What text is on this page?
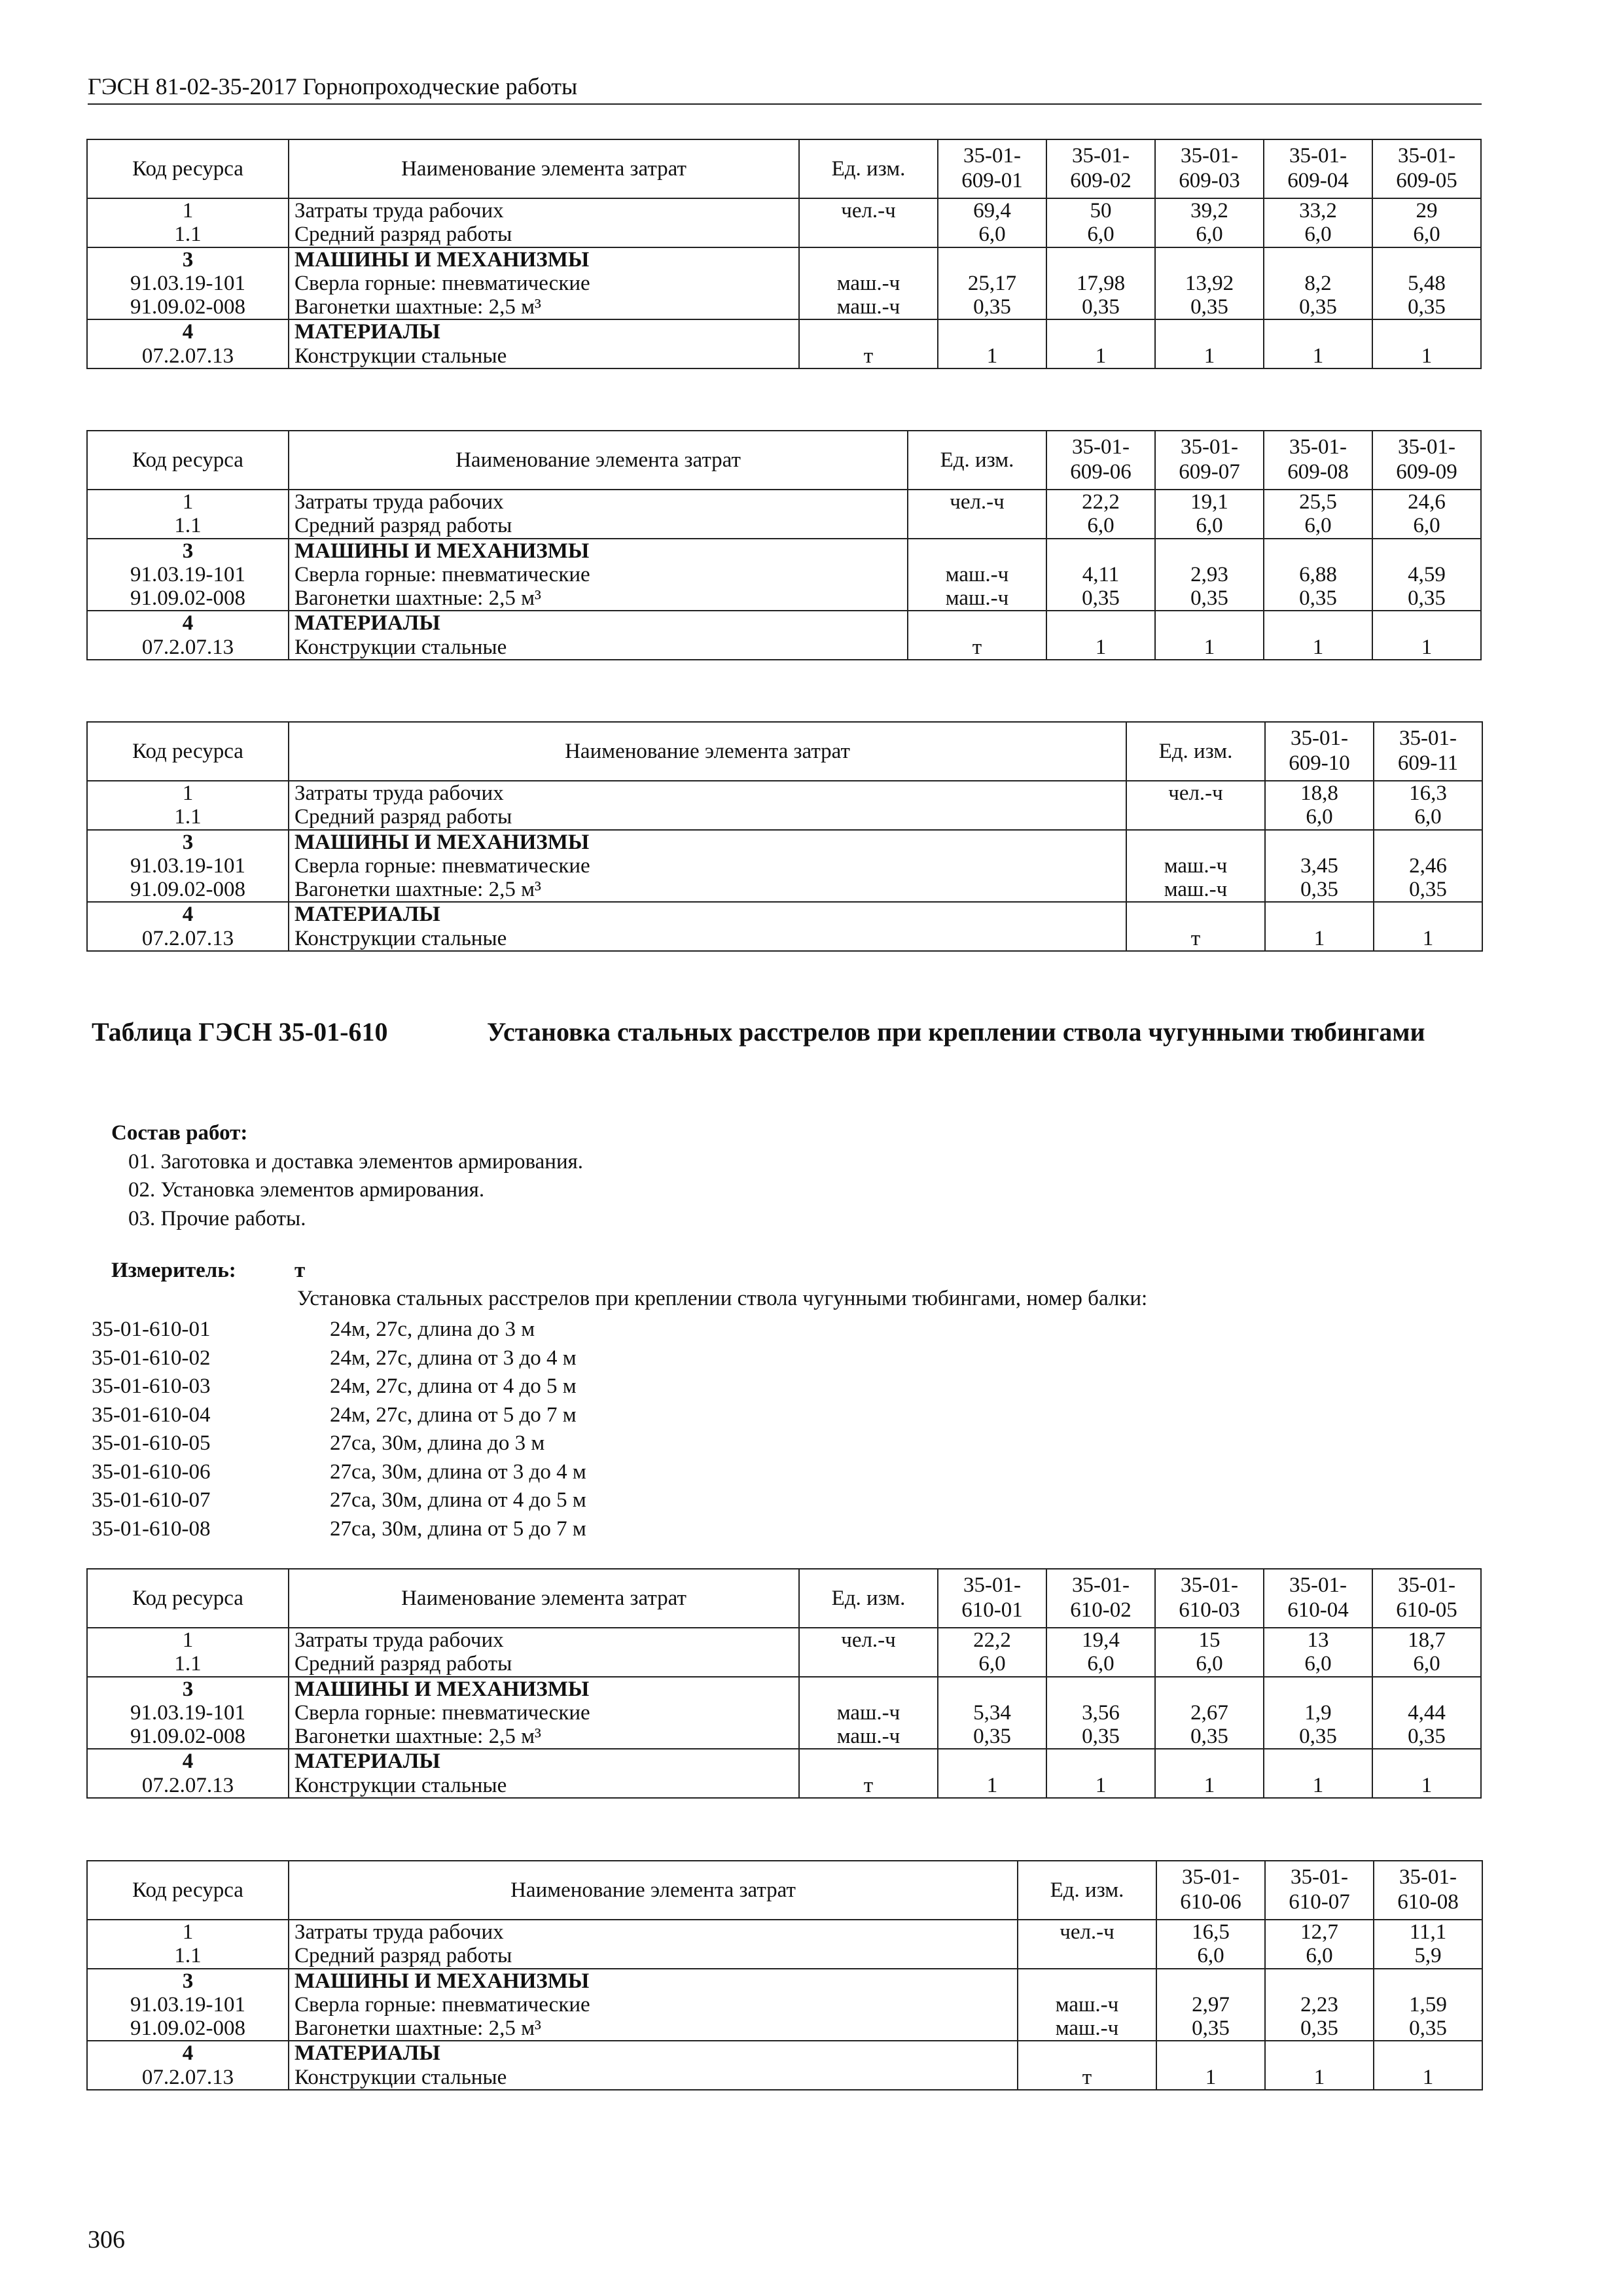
ГЭСН 81-02-35-2017 Горнопроходческие работы
Код ресурса	Наименование элемента затрат	Ед. изм.	35-01-609-01	35-01-609-02	35-01-609-03	35-01-609-04	35-01-609-05
1	Затраты труда рабочих	чел.-ч	69,4	50	39,2	33,2	29
1.1	Средний разряд работы		6,0	6,0	6,0	6,0	6,0
3	МАШИНЫ И МЕХАНИЗМЫ						
91.03.19-101	Сверла горные: пневматические	маш.-ч	25,17	17,98	13,92	8,2	5,48
91.09.02-008	Вагонетки шахтные: 2,5 м³	маш.-ч	0,35	0,35	0,35	0,35	0,35
4	МАТЕРИАЛЫ						
07.2.07.13	Конструкции стальные	т	1	1	1	1	1
Код ресурса	Наименование элемента затрат	Ед. изм.	35-01-609-06	35-01-609-07	35-01-609-08	35-01-609-09
1	Затраты труда рабочих	чел.-ч	22,2	19,1	25,5	24,6
1.1	Средний разряд работы		6,0	6,0	6,0	6,0
3	МАШИНЫ И МЕХАНИЗМЫ					
91.03.19-101	Сверла горные: пневматические	маш.-ч	4,11	2,93	6,88	4,59
91.09.02-008	Вагонетки шахтные: 2,5 м³	маш.-ч	0,35	0,35	0,35	0,35
4	МАТЕРИАЛЫ					
07.2.07.13	Конструкции стальные	т	1	1	1	1
Код ресурса	Наименование элемента затрат	Ед. изм.	35-01-609-10	35-01-609-11
1	Затраты труда рабочих	чел.-ч	18,8	16,3
1.1	Средний разряд работы		6,0	6,0
3	МАШИНЫ И МЕХАНИЗМЫ			
91.03.19-101	Сверла горные: пневматические	маш.-ч	3,45	2,46
91.09.02-008	Вагонетки шахтные: 2,5 м³	маш.-ч	0,35	0,35
4	МАТЕРИАЛЫ			
07.2.07.13	Конструкции стальные	т	1	1
Код ресурса	Наименование элемента затрат	Ед. изм.	35-01-610-01	35-01-610-02	35-01-610-03	35-01-610-04	35-01-610-05
1	Затраты труда рабочих	чел.-ч	22,2	19,4	15	13	18,7
1.1	Средний разряд работы		6,0	6,0	6,0	6,0	6,0
3	МАШИНЫ И МЕХАНИЗМЫ						
91.03.19-101	Сверла горные: пневматические	маш.-ч	5,34	3,56	2,67	1,9	4,44
91.09.02-008	Вагонетки шахтные: 2,5 м³	маш.-ч	0,35	0,35	0,35	0,35	0,35
4	МАТЕРИАЛЫ						
07.2.07.13	Конструкции стальные	т	1	1	1	1	1
Код ресурса	Наименование элемента затрат	Ед. изм.	35-01-610-06	35-01-610-07	35-01-610-08
1	Затраты труда рабочих	чел.-ч	16,5	12,7	11,1
1.1	Средний разряд работы		6,0	6,0	5,9
3	МАШИНЫ И МЕХАНИЗМЫ				
91.03.19-101	Сверла горные: пневматические	маш.-ч	2,97	2,23	1,59
91.09.02-008	Вагонетки шахтные: 2,5 м³	маш.-ч	0,35	0,35	0,35
4	МАТЕРИАЛЫ				
07.2.07.13	Конструкции стальные	т	1	1	1
Таблица ГЭСН 35-01-610	Установка стальных расстрелов при креплении ствола чугунными тюбингами
Состав работ:
01. Заготовка и доставка элементов армирования.
02. Установка элементов армирования.
03. Прочие работы.
Измеритель:	т
Установка стальных расстрелов при креплении ствола чугунными тюбингами, номер балки:
35-01-610-01	24м, 27с, длина до 3 м
35-01-610-02	24м, 27с, длина от 3 до 4 м
35-01-610-03	24м, 27с, длина от 4 до 5 м
35-01-610-04	24м, 27с, длина от 5 до 7 м
35-01-610-05	27са, 30м, длина до 3 м
35-01-610-06	27са, 30м, длина от 3 до 4 м
35-01-610-07	27са, 30м, длина от 4 до 5 м
35-01-610-08	27са, 30м, длина от 5 до 7 м
306
